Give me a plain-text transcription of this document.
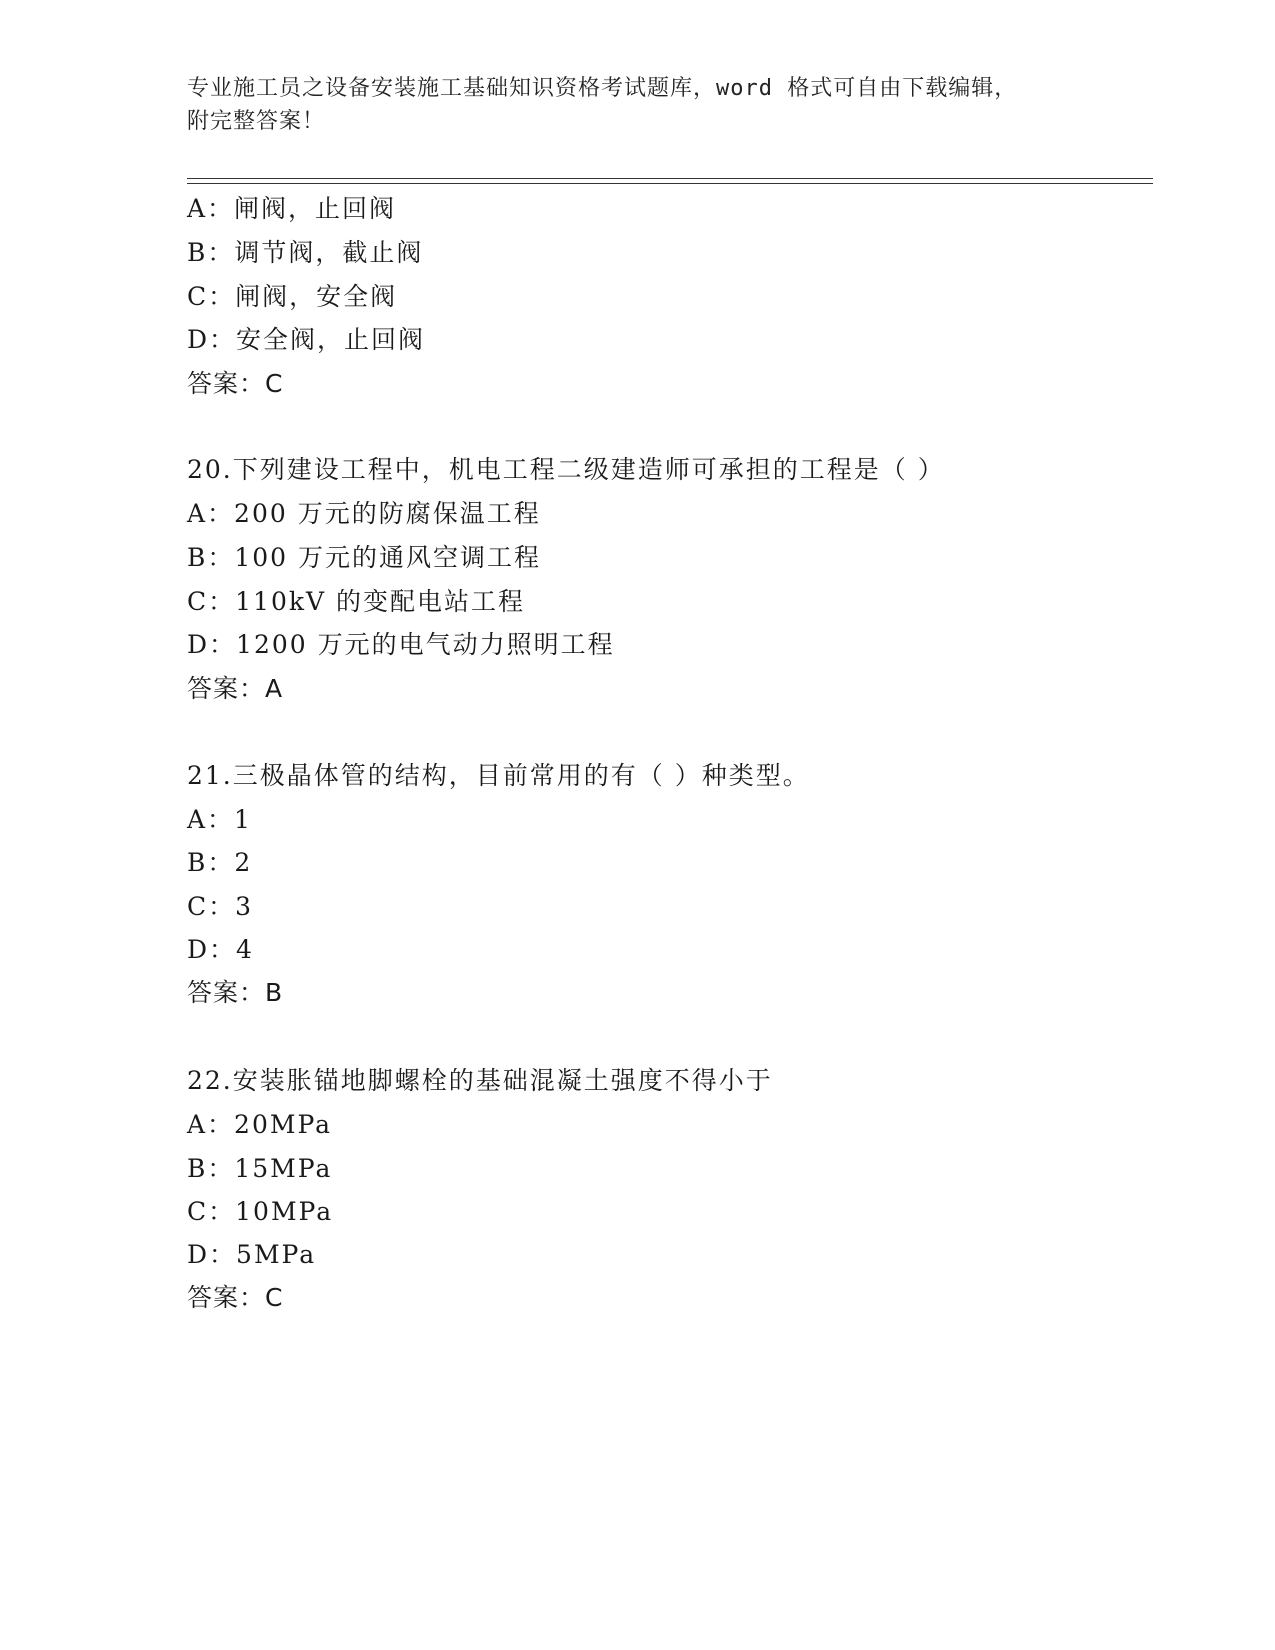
专业施工员之设备安装施工基础知识资格考试题库，word 格式可自由下载编辑，
附完整答案！
A：闸阀，止回阀
B：调节阀，截止阀
C：闸阀，安全阀
D：安全阀，止回阀
答案：C
20.下列建设工程中，机电工程二级建造师可承担的工程是（ ）
A：200 万元的防腐保温工程
B：100 万元的通风空调工程
C：110kV 的变配电站工程
D：1200 万元的电气动力照明工程
答案：A
21.三极晶体管的结构，目前常用的有（ ）种类型。
A：1
B：2
C：3
D：4
答案：B
22.安装胀锚地脚螺栓的基础混凝土强度不得小于
A：20MPa
B：15MPa
C：10MPa
D：5MPa
答案：C
